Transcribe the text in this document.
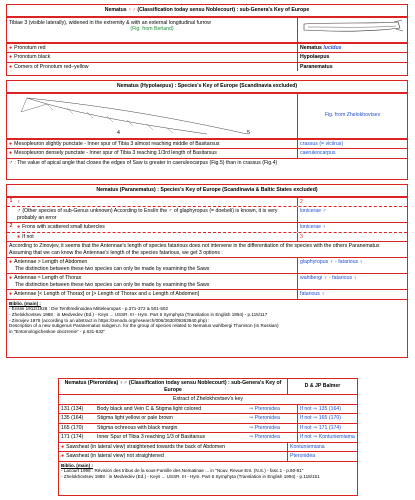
Nematus ♀♂ (Classification today sensu Noblecourt) : sub-Genera's Key of Europe
Tibiae 3 (visible laterally), widened in the extremity & with an external longitudinal furrow
(Fig. from Berland)
● Pronotum red	Nematus lucidus
● Pronotum black	Hypolaepus
● Corners of Pronotum red–yellow	Paranematus
Nematus (Hypolaepus) : Species's Key of Europe (Scandinavia excluded)
4	5
Fig. from Zhelokhovtsev
● Mesopleuron slightly punctate - Inner spur of Tibia 3 almost reaching middle of Basitarsus	crassus (= viciirus)
● Mesopleuron densely punctate - Inner spur of Tibia 3 reaching 1/3rd length of Basitarsus	caeruleocarpus
♂ : The value of apical angle that closes the edges of Saw is greater in caeruleocarpus (Fig.5) than in crassus (Fig.4)
Nematus (Paranematus) : Species's Key of Europe (Scandinavia & Baltic States excluded)
1 ♀	2
♂ (Other species of sub-Genus unknown) According to Enslín the ♂ of glaphyropus (= doebeli) is known, it is very probably an error
lonicerae ♂
2 ● Frons with scattered small tubercles	lonicerae ♀
● If not	3
According to Zinovjev, it seems that the Antennae's length of species fatarious does not intervene in the differentiation of the species with the others Paranematus
Assuming that we can know the Antennae's length of the species fatarious, we get 3 options :
● Antennae > Length of Abdomen
The distinction between these two species can only be made by examining the Saws
glaphyropus ♀ - fatarious ♀
● Antennae ≈ Length of Thorax
The distinction between these two species can only be made by examining the Saws
wahlbergi ♀ - fatarious ♀
● Antennae [< Length of Thorax] or [> Length of Thorax and ≤ Length of Abdomen]	fatarious ♀
Biblio. (main) :
- Enslin 1912/1928 : Die Tenthredinoidea Mitteleuropas - p.371-372 & 501-502
- Zhelokhovtsev 1988 : in Medvedev (Ed.) - Keys ... USSR. III - Hym. Part 6 Symphyta (Translation in English 1994) - p.115/117
- Zinovjev 1978 (according to an abstract in https://zenodo.org/research/006/3630/09363940.php) :
Description of a new subgenus Paranematus subgen.n. for the group of species related to Nematus wahlbergi Thomson (In Russian)
in "Entomologicheskoe obozrenie" - p.631-632"
Nematus (Pteronidea) ♀♂ (Classification today sensu Noblecourt) : sub-Genera's Key of Europe
D & JP Balmer
Extract of Zhelokhovtsev's key
131 (134)	Body black and Vein C & Stigma light colored	⇒ Pteronidea	If not ⇒ 135 (164)
135 (164)	Stigma light yellow or pale brown	⇒ Pteronidea	If not ⇒ 165 (170)
165 (170)	Stigma ochreous with black margin	⇒ Pteronidea	If not ⇒ 171 (174)
171 (174)	Inner Spur of Tibia 3 reaching 1/3 of Basitarsus	⇒ Pteronidea	If not ⇒ Kontuniemiama
● Sawsheat (in lateral view) straightened towards the back of Abdomen	Kontuniemiana
● Sawsheat (in lateral view) not straightened	Pteronidea
Biblio. (main) :
- Lacourt 1998 : Révision des tribus de la sous-Famille des Nematinae ... in "Nouv. Revue Ent. (N.S.) - fasc.1 - p.60-81"
- Zhelokhovtsev 1988 : in Medvedev (Ed.) - Keys ... USSR. III - Hym. Part 6 Symphyta (Translation in English 1994) - p.118/151
